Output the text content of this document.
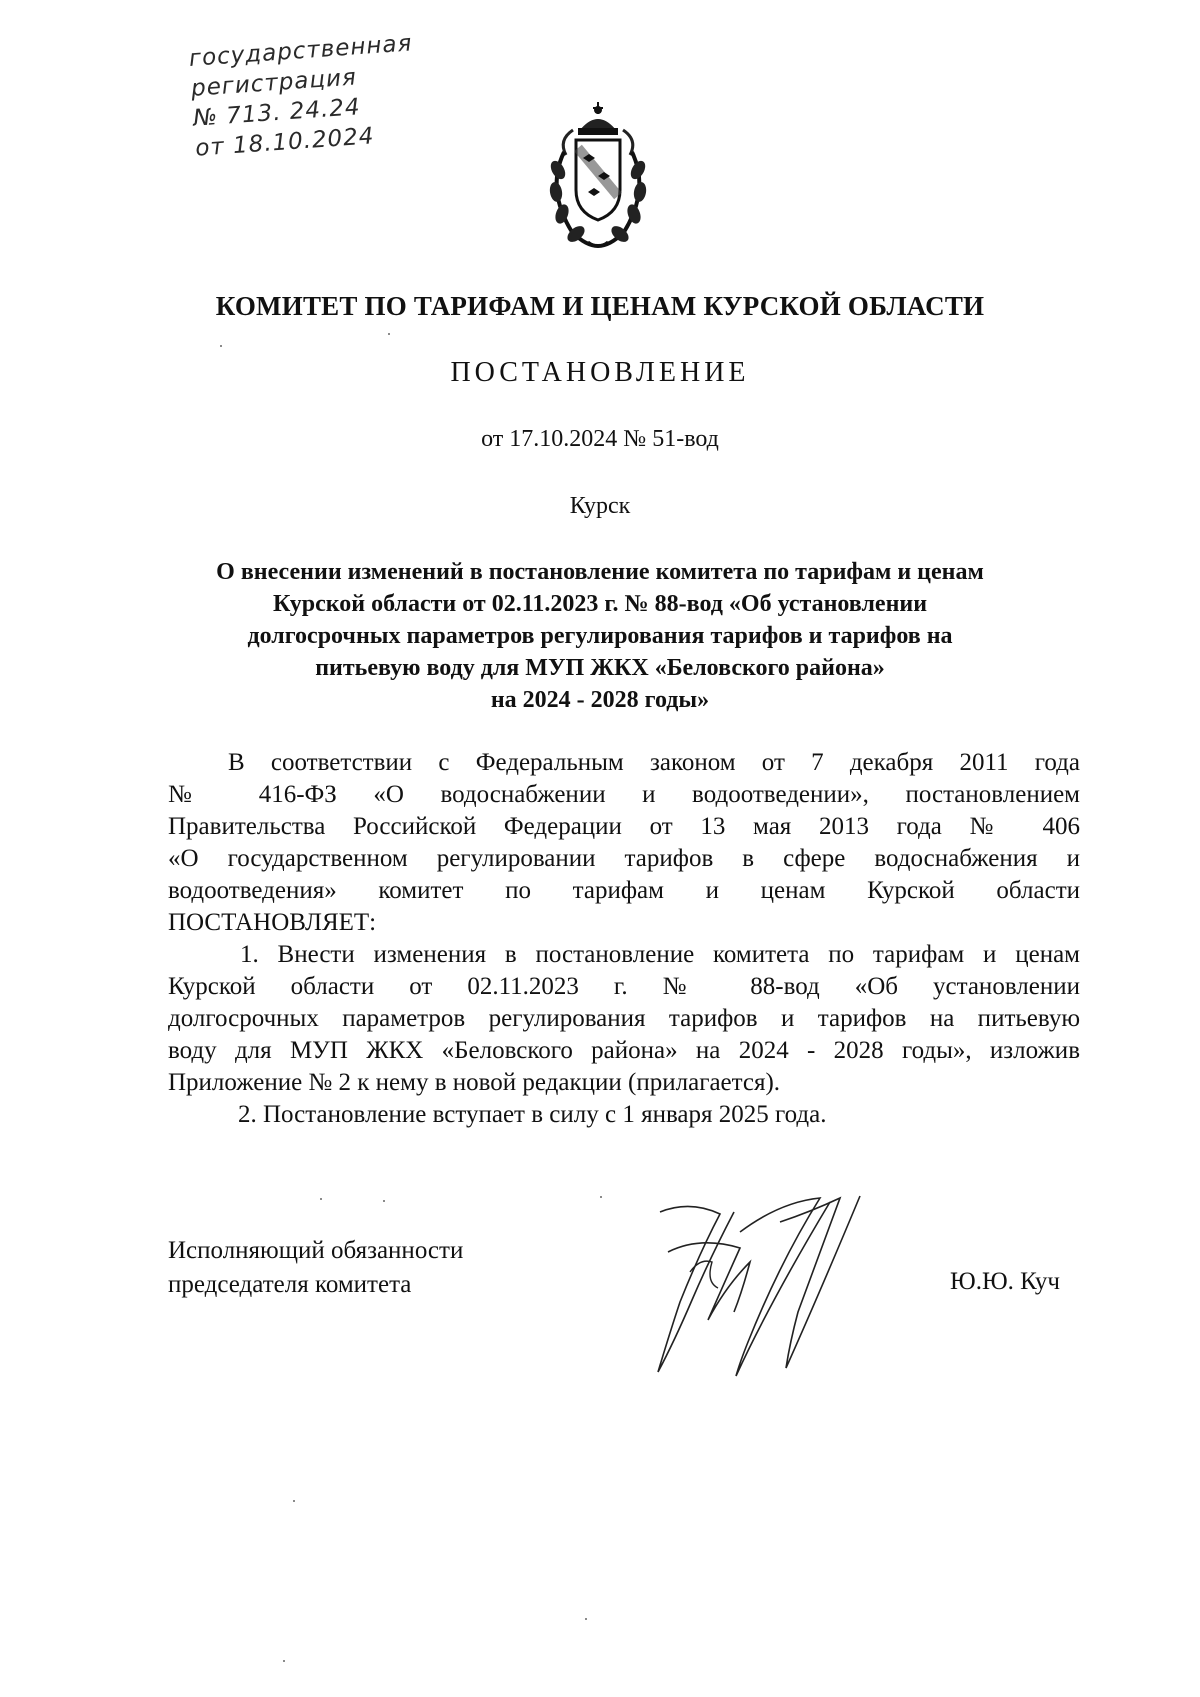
государственная
регистрация
№ 713. 24.24
от 18.10.2024
КОМИТЕТ ПО ТАРИФАМ И ЦЕНАМ КУРСКОЙ ОБЛАСТИ
ПОСТАНОВЛЕНИЕ
от 17.10.2024 № 51-вод
Курск
О внесении изменений в постановление комитета по тарифам и ценам
Курской области от 02.11.2023 г. № 88-вод «Об установлении
долгосрочных параметров регулирования тарифов и тарифов на
питьевую воду для МУП ЖКХ «Беловского района»
на 2024 - 2028 годы»
В соответствии с Федеральным законом от 7 декабря 2011 года
№ 416-ФЗ «О водоснабжении и водоотведении», постановлением
Правительства Российской Федерации от 13 мая 2013 года № 406
«О государственном регулировании тарифов в сфере водоснабжения и
водоотведения» комитет по тарифам и ценам Курской области
ПОСТАНОВЛЯЕТ:
1. Внести изменения в постановление комитета по тарифам и ценам
Курской области от 02.11.2023 г. № 88-вод «Об установлении
долгосрочных параметров регулирования тарифов и тарифов на питьевую
воду для МУП ЖКХ «Беловского района» на 2024 - 2028 годы», изложив
Приложение № 2 к нему в новой редакции (прилагается).
2. Постановление вступает в силу с 1 января 2025 года.
Исполняющий обязанности
председателя комитета	Ю.Ю. Куч
